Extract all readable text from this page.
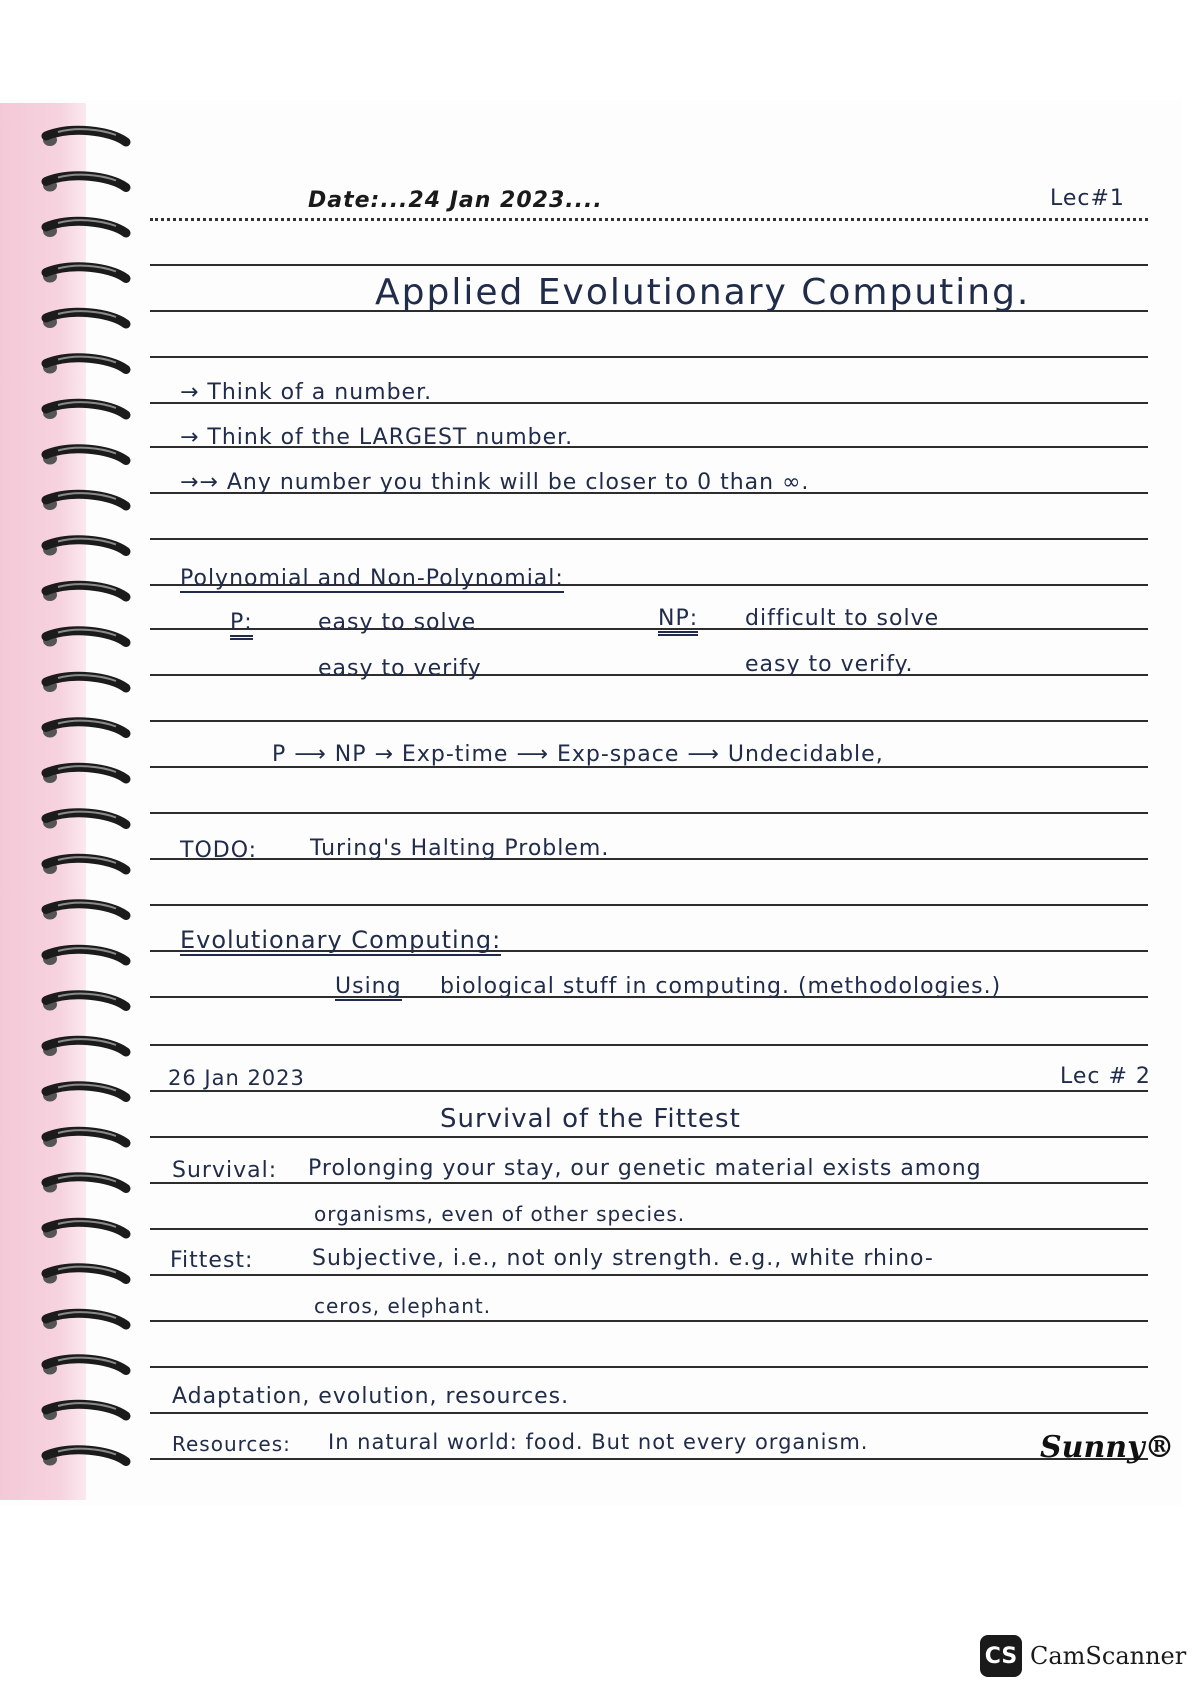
Date:...24 Jan 2023....	Lec#1
Applied Evolutionary Computing.
→ Think of a number.
→ Think of the LARGEST number.
→→ Any number you think will be closer to 0 than ∞.
Polynomial and Non-Polynomial:
P:	easy to solve
easy to verify
NP: difficult to solve
easy to verify.
P ⟶ NP → Exp-time ⟶ Exp-space ⟶ Undecidable,
TODO: Turing's Halting Problem.
Evolutionary Computing:
Using biological stuff in computing. (methodologies.)
26 Jan 2023	Lec # 2
Survival of the Fittest
Survival: Prolonging your stay, our genetic material exists among
organisms, even of other species.
Fittest:	Subjective, i.e., not only strength. e.g., white rhino-
ceros, elephant.
Adaptation, evolution, resources.
Resources: In natural world: food. But not every organism.	Sunny®
CS CamScanner
